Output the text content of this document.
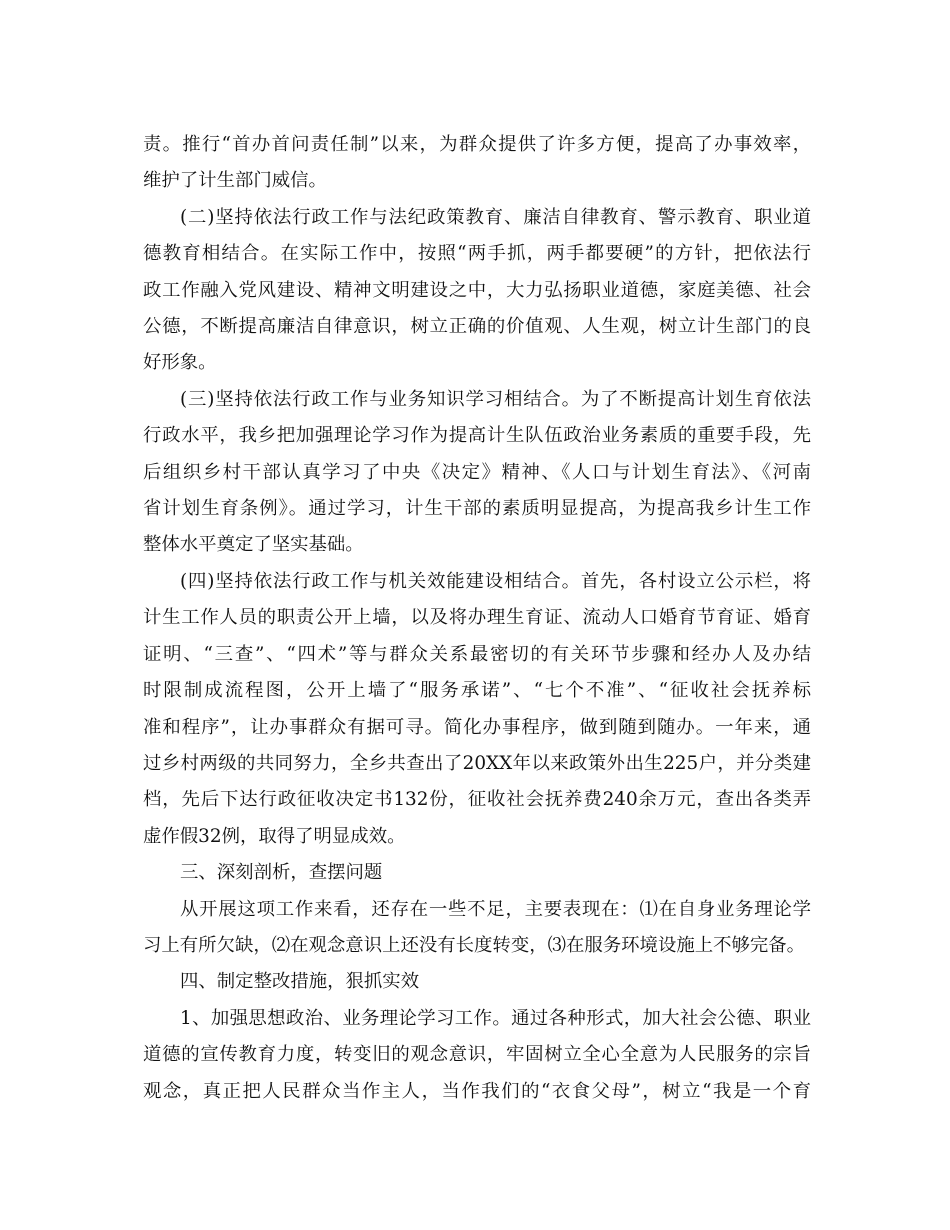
责。推行“首办首问责任制”以来，为群众提供了许多方便，提高了办事效率，
维护了计生部门威信。
(二)坚持依法行政工作与法纪政策教育、廉洁自律教育、警示教育、职业道
德教育相结合。在实际工作中，按照“两手抓，两手都要硬”的方针，把依法行
政工作融入党风建设、精神文明建设之中，大力弘扬职业道德，家庭美德、社会
公德，不断提高廉洁自律意识，树立正确的价值观、人生观，树立计生部门的良
好形象。
(三)坚持依法行政工作与业务知识学习相结合。为了不断提高计划生育依法
行政水平，我乡把加强理论学习作为提高计生队伍政治业务素质的重要手段，先
后组织乡村干部认真学习了中央《决定》精神、《人口与计划生育法》、《河南
省计划生育条例》。通过学习，计生干部的素质明显提高，为提高我乡计生工作
整体水平奠定了坚实基础。
(四)坚持依法行政工作与机关效能建设相结合。首先，各村设立公示栏，将
计生工作人员的职责公开上墙，以及将办理生育证、流动人口婚育节育证、婚育
证明、“三查”、“四术”等与群众关系最密切的有关环节步骤和经办人及办结
时限制成流程图，公开上墙了“服务承诺”、“七个不准”、“征收社会抚养标
准和程序”，让办事群众有据可寻。简化办事程序，做到随到随办。一年来，通
过乡村两级的共同努力，全乡共查出了20XX年以来政策外出生225户，并分类建
档，先后下达行政征收决定书132份，征收社会抚养费240余万元，查出各类弄
虚作假32例，取得了明显成效。
三、深刻剖析，查摆问题
从开展这项工作来看，还存在一些不足，主要表现在：⑴在自身业务理论学
习上有所欠缺，⑵在观念意识上还没有长度转变，⑶在服务环境设施上不够完备。
四、制定整改措施，狠抓实效
1、加强思想政治、业务理论学习工作。通过各种形式，加大社会公德、职业
道德的宣传教育力度，转变旧的观念意识，牢固树立全心全意为人民服务的宗旨
观念，真正把人民群众当作主人，当作我们的“衣食父母”，树立“我是一个育
